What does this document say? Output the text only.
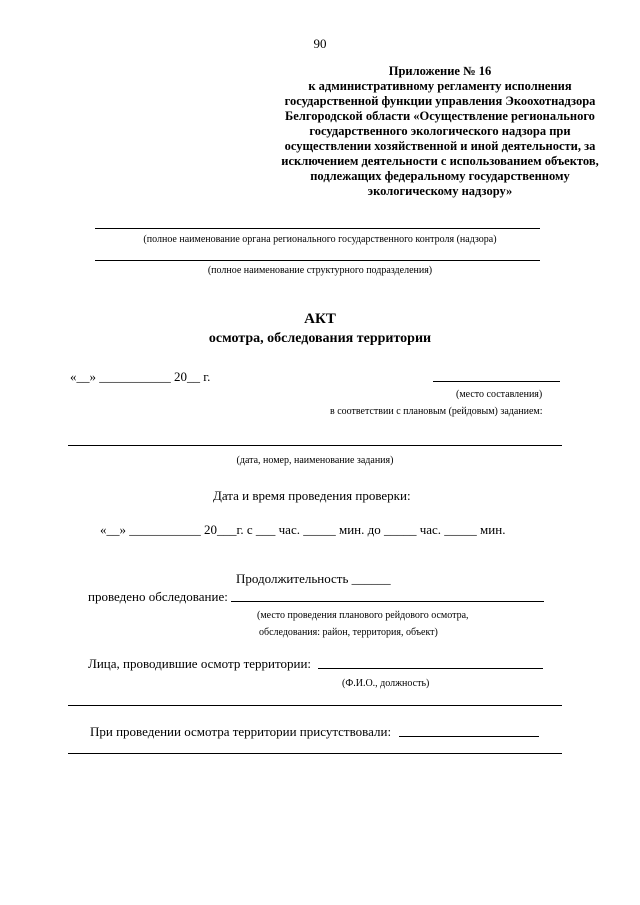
90
Приложение № 16
к административному регламенту исполнения
государственной функции управления Экоохотнадзора
Белгородской области «Осуществление регионального
государственного экологического надзора при
осуществлении хозяйственной и иной деятельности, за
исключением деятельности с использованием объектов,
подлежащих федеральному государственному
экологическому надзору»
(полное наименование органа регионального государственного контроля (надзора)
(полное наименование структурного подразделения)
АКТ
осмотра, обследования территории
«__» ___________ 20__ г.
(место составления)
в соответствии с плановым (рейдовым) заданием:
(дата, номер, наименование задания)
Дата и время проведения проверки:
«__» ___________ 20___г. с ___ час. _____ мин. до _____ час. _____ мин.
Продолжительность ______
проведено обследование:
(место проведения планового рейдового осмотра,
обследования: район, территория, объект)
Лица, проводившие осмотр территории:
(Ф.И.О., должность)
При проведении осмотра территории присутствовали:
